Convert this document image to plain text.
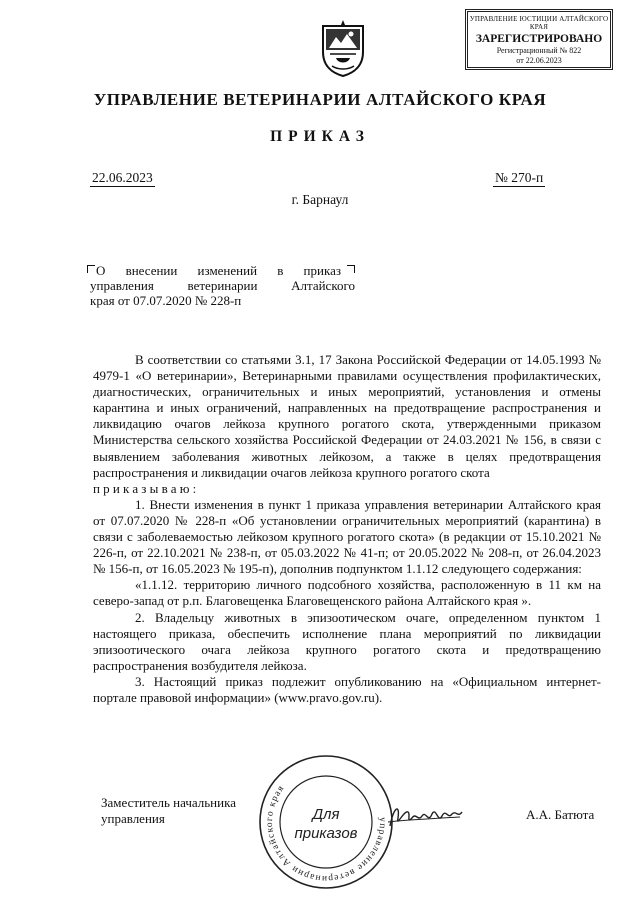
УПРАВЛЕНИЕ ЮСТИЦИИ АЛТАЙСКОГО КРАЯ
ЗАРЕГИСТРИРОВАНО
Регистрационный № 822
от 22.06.2023
УПРАВЛЕНИЕ ВЕТЕРИНАРИИ АЛТАЙСКОГО КРАЯ
ПРИКАЗ
22.06.2023	№ 270-п
г. Барнаул

О внесении изменений в приказ

управления ветеринарии Алтайского

края от 07.07.2020 № 228-п

В соответствии со статьями 3.1, 17 Закона Российской Федерации от 14.05.1993 № 4979-1 «О ветеринарии», Ветеринарными правилами осуществления профилактических, диагностических, ограничительных и иных мероприятий, установления и отмены карантина и иных ограничений, направленных на предотвращение распространения и ликвидацию очагов лейкоза крупного рогатого скота, утвержденными приказом Министерства сельского хозяйства Российской Федерации от 24.03.2021 № 156, в связи с выявлением заболевания животных лейкозом, а также в целях предотвращения распространения и ликвидации очагов лейкоза крупного рогатого скота

приказываю:

1. Внести изменения в пункт 1 приказа управления ветеринарии Алтайского края от 07.07.2020 № 228-п «Об установлении ограничительных мероприятий (карантина) в связи с заболеваемостью лейкозом крупного рогатого скота» (в редакции от 15.10.2021 № 226-п, от 22.10.2021 № 238-п, от 05.03.2022 № 41-п; от 20.05.2022 № 208-п, от 26.04.2023 № 156-п, от 16.05.2023 № 195-п), дополнив подпунктом 1.1.12 следующего содержания:

«1.1.12. территорию личного подсобного хозяйства, расположенную в 11 км на северо-запад от р.п. Благовещенка Благовещенского района Алтайского края ».

2. Владельцу животных в эпизоотическом очаге, определенном пунктом 1 настоящего приказа, обеспечить исполнение плана мероприятий по ликвидации эпизоотического очага лейкоза крупного рогатого скота и предотвращению распространения возбудителя лейкоза.

3. Настоящий приказ подлежит опубликованию на «Официальном интернет-портале правовой информации» (www.pravo.gov.ru).

Заместитель начальника управления	управление ветеринарии Алтайского края
Для
приказов
А.А. Батюта
